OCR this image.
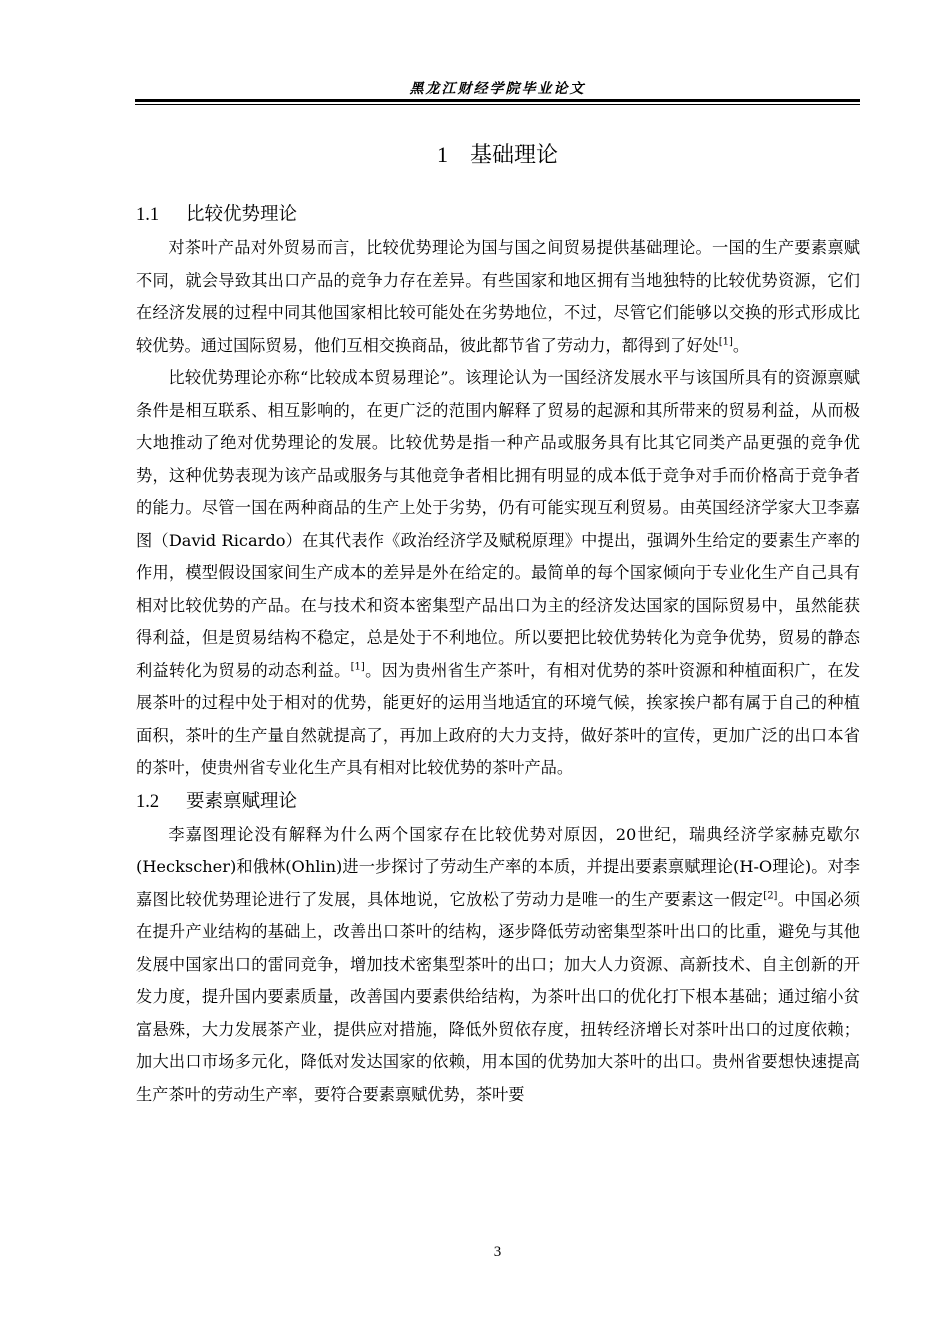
黑龙江财经学院毕业论文
1 基础理论
1.1 比较优势理论

对茶叶产品对外贸易而言，比较优势理论为国与国之间贸易提供基础理论。一国的生产要素禀赋不同，就会导致其出口产品的竞争力存在差异。有些国家和地区拥有当地独特的比较优势资源，它们在经济发展的过程中同其他国家相比较可能处在劣势地位，不过，尽管它们能够以交换的形式形成比较优势。通过国际贸易，他们互相交换商品，彼此都节省了劳动力，都得到了好处[1]。

比较优势理论亦称“比较成本贸易理论”。该理论认为一国经济发展水平与该国所具有的资源禀赋条件是相互联系、相互影响的，在更广泛的范围内解释了贸易的起源和其所带来的贸易利益，从而极大地推动了绝对优势理论的发展。比较优势是指一种产品或服务具有比其它同类产品更强的竞争优势，这种优势表现为该产品或服务与其他竞争者相比拥有明显的成本低于竞争对手而价格高于竞争者的能力。尽管一国在两种商品的生产上处于劣势，仍有可能实现互利贸易。由英国经济学家大卫李嘉图（David Ricardo）在其代表作《政治经济学及赋税原理》中提出，强调外生给定的要素生产率的作用，模型假设国家间生产成本的差异是外在给定的。最简单的每个国家倾向于专业化生产自己具有相对比较优势的产品。在与技术和资本密集型产品出口为主的经济发达国家的国际贸易中，虽然能获得利益，但是贸易结构不稳定，总是处于不利地位。所以要把比较优势转化为竞争优势，贸易的静态利益转化为贸易的动态利益。[1]。因为贵州省生产茶叶，有相对优势的茶叶资源和种植面积广，在发展茶叶的过程中处于相对的优势，能更好的运用当地适宜的环境气候，挨家挨户都有属于自己的种植面积，茶叶的生产量自然就提高了，再加上政府的大力支持，做好茶叶的宣传，更加广泛的出口本省的茶叶，使贵州省专业化生产具有相对比较优势的茶叶产品。

1.2 要素禀赋理论

李嘉图理论没有解释为什么两个国家存在比较优势对原因，20世纪，瑞典经济学家赫克歇尔(Heckscher)和俄林(Ohlin)进一步探讨了劳动生产率的本质，并提出要素禀赋理论(H-O理论)。对李嘉图比较优势理论进行了发展，具体地说，它放松了劳动力是唯一的生产要素这一假定[2]。中国必须在提升产业结构的基础上，改善出口茶叶的结构，逐步降低劳动密集型茶叶出口的比重，避免与其他发展中国家出口的雷同竞争，增加技术密集型茶叶的出口；加大人力资源、高新技术、自主创新的开发力度，提升国内要素质量，改善国内要素供给结构，为茶叶出口的优化打下根本基础；通过缩小贫富悬殊，大力发展茶产业，提供应对措施，降低外贸依存度，扭转经济增长对茶叶出口的过度依赖；加大出口市场多元化，降低对发达国家的依赖，用本国的优势加大茶叶的出口。贵州省要想快速提高生产茶叶的劳动生产率，要符合要素禀赋优势，茶叶要

3
